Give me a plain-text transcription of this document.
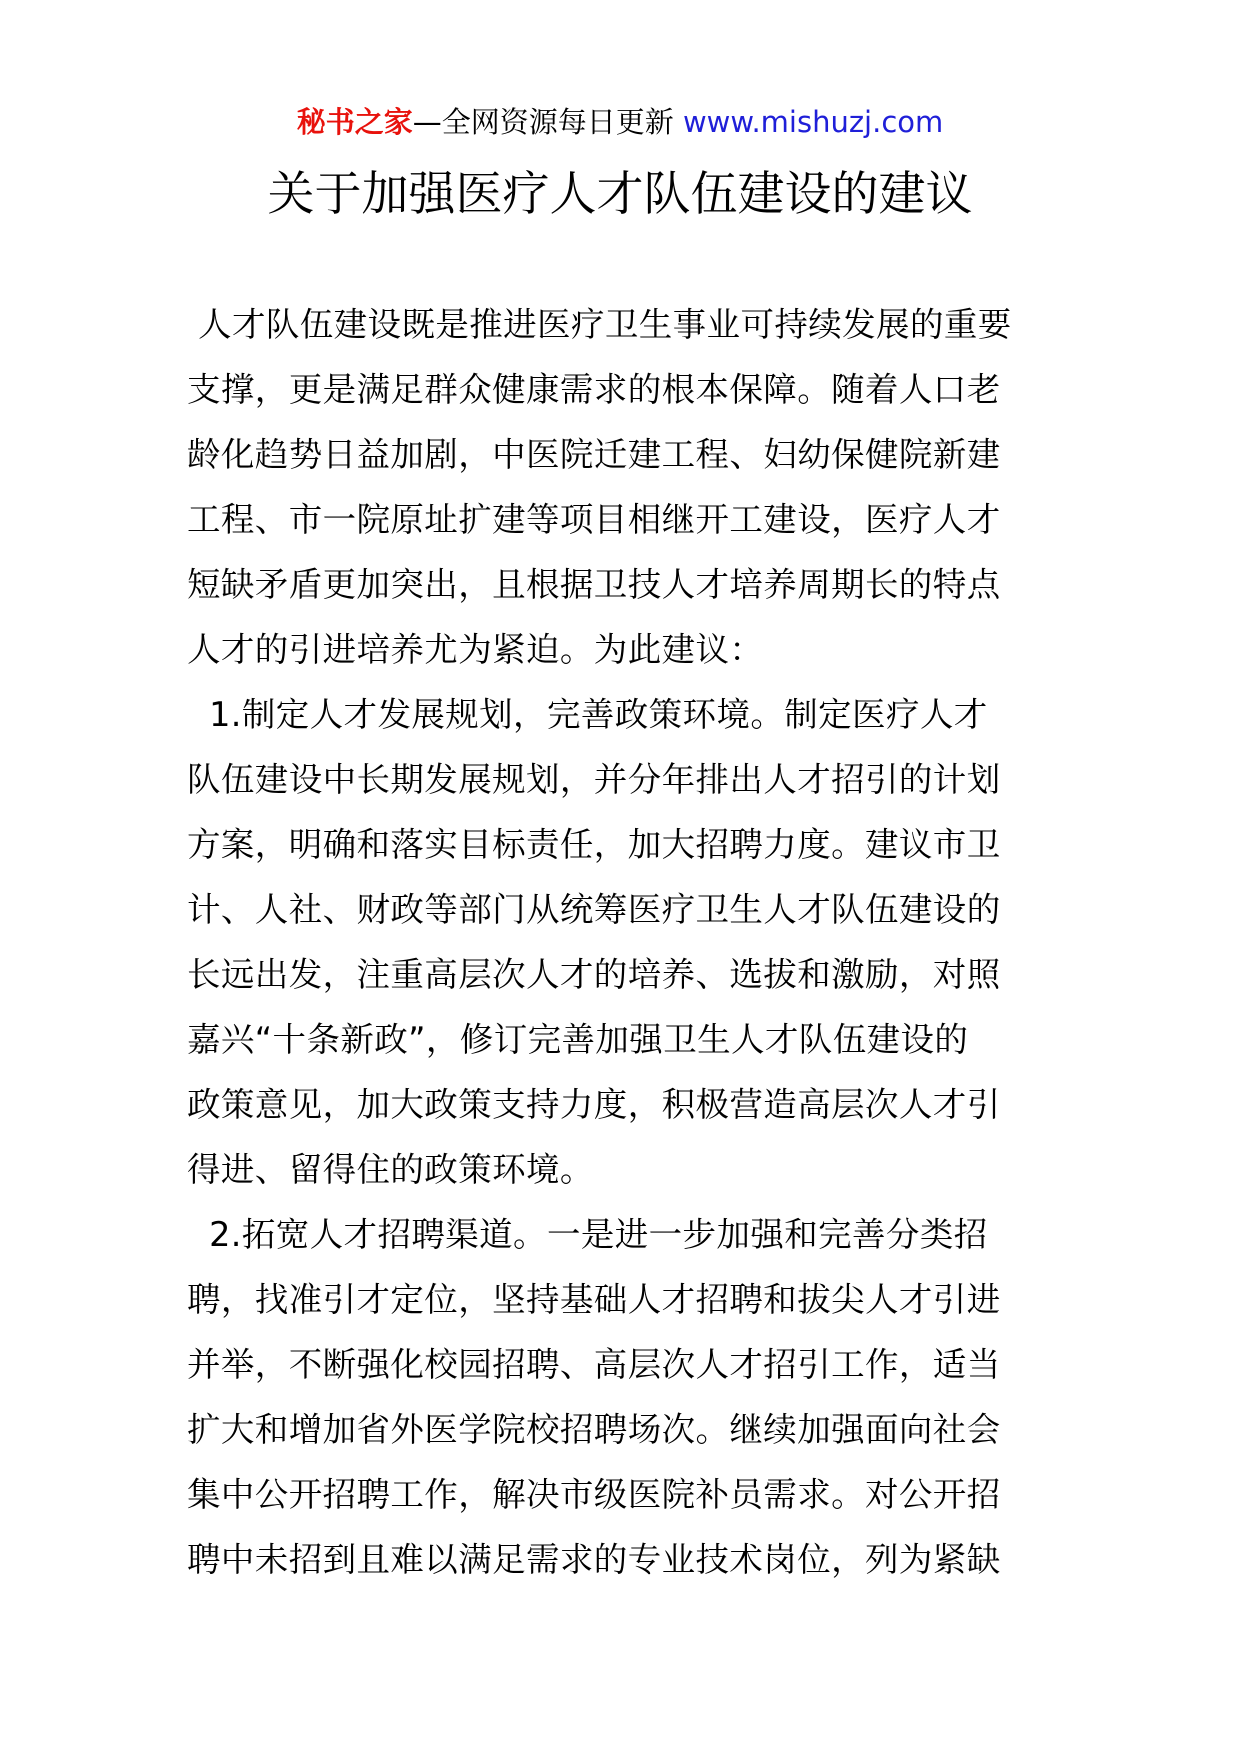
秘书之家—全网资源每日更新 www.mishuzj.com
关于加强医疗人才队伍建设的建议
人才队伍建设既是推进医疗卫生事业可持续发展的重要
支撑，更是满足群众健康需求的根本保障。随着人口老
龄化趋势日益加剧，中医院迁建工程、妇幼保健院新建
工程、市一院原址扩建等项目相继开工建设，医疗人才
短缺矛盾更加突出，且根据卫技人才培养周期长的特点
人才的引进培养尤为紧迫。为此建议：
1.制定人才发展规划，完善政策环境。制定医疗人才
队伍建设中长期发展规划，并分年排出人才招引的计划
方案，明确和落实目标责任，加大招聘力度。建议市卫
计、人社、财政等部门从统筹医疗卫生人才队伍建设的
长远出发，注重高层次人才的培养、选拔和激励，对照
嘉兴“十条新政”，修订完善加强卫生人才队伍建设的
政策意见，加大政策支持力度，积极营造高层次人才引
得进、留得住的政策环境。
2.拓宽人才招聘渠道。一是进一步加强和完善分类招
聘，找准引才定位，坚持基础人才招聘和拔尖人才引进
并举，不断强化校园招聘、高层次人才招引工作，适当
扩大和增加省外医学院校招聘场次。继续加强面向社会
集中公开招聘工作，解决市级医院补员需求。对公开招
聘中未招到且难以满足需求的专业技术岗位，列为紧缺
